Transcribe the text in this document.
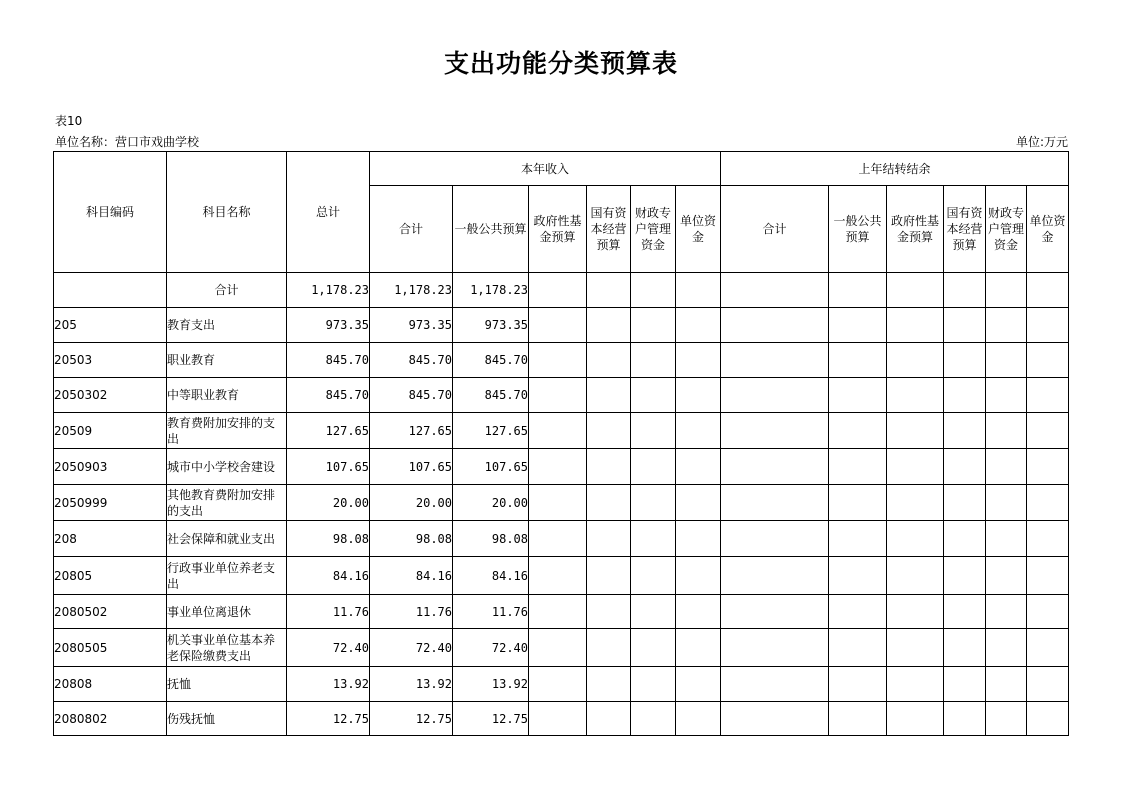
支出功能分类预算表
表10
单位名称：营口市戏曲学校	单位:万元
科目编码	科目名称	总计	本年收入						上年结转结余					
			合计	一般公共预算	政府性基金预算	国有资本经营预算	财政专户管理资金	单位资金	合计	一般公共预算	政府性基金预算	国有资本经营预算	财政专户管理资金	单位资金
	合计	1,178.23	1,178.23	1,178.23										
205	教育支出	973.35	973.35	973.35										
20503	职业教育	845.70	845.70	845.70										
2050302	中等职业教育	845.70	845.70	845.70										
20509	教育费附加安排的支出	127.65	127.65	127.65										
2050903	城市中小学校舍建设	107.65	107.65	107.65										
2050999	其他教育费附加安排的支出	20.00	20.00	20.00										
208	社会保障和就业支出	98.08	98.08	98.08										
20805	行政事业单位养老支出	84.16	84.16	84.16										
2080502	事业单位离退休	11.76	11.76	11.76										
2080505	机关事业单位基本养老保险缴费支出	72.40	72.40	72.40										
20808	抚恤	13.92	13.92	13.92										
2080802	伤残抚恤	12.75	12.75	12.75										
